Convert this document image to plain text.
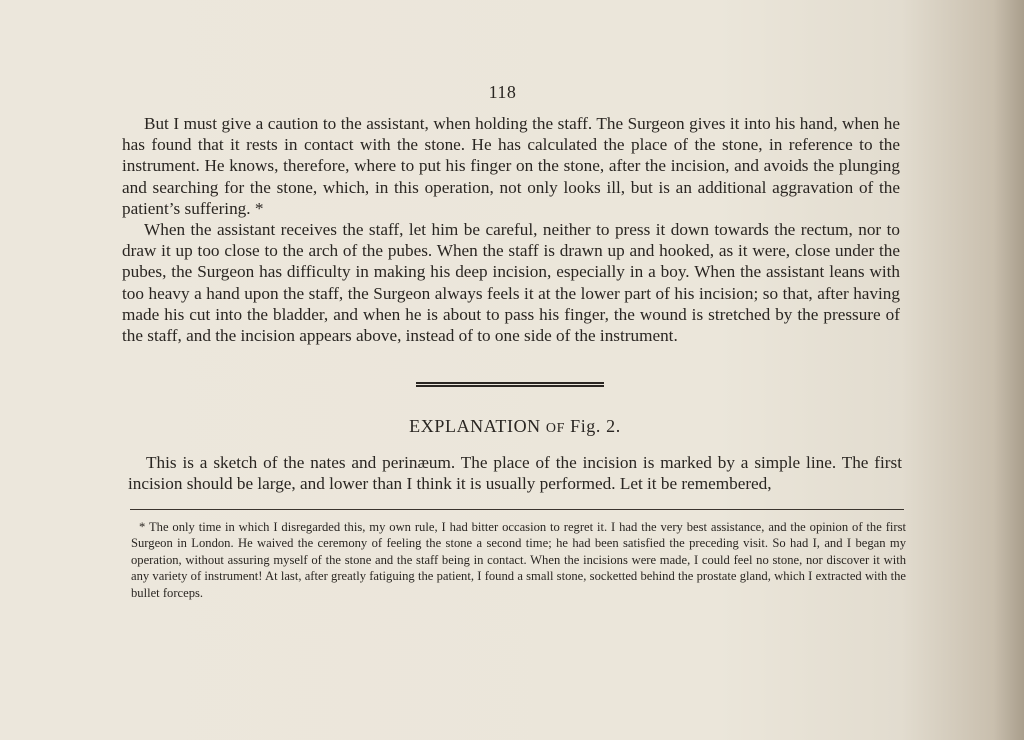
118

But I must give a caution to the assistant, when holding the staff. The Surgeon gives it into his hand, when he has found that it rests in contact with the stone. He has calculated the place of the stone, in reference to the instrument. He knows, therefore, where to put his finger on the stone, after the incision, and avoids the plunging and searching for the stone, which, in this operation, not only looks ill, but is an additional aggravation of the patient’s suffering. *

When the assistant receives the staff, let him be careful, neither to press it down towards the rectum, nor to draw it up too close to the arch of the pubes. When the staff is drawn up and hooked, as it were, close under the pubes, the Surgeon has difficulty in making his deep incision, especially in a boy. When the assistant leans with too heavy a hand upon the staff, the Surgeon always feels it at the lower part of his incision; so that, after having made his cut into the bladder, and when he is about to pass his finger, the wound is stretched by the pressure of the staff, and the incision appears above, instead of to one side of the instrument.

EXPLANATION OF Fig. 2.

This is a sketch of the nates and perinæum. The place of the incision is marked by a simple line. The first incision should be large, and lower than I think it is usually performed. Let it be remembered,

* The only time in which I disregarded this, my own rule, I had bitter occasion to regret it. I had the very best assistance, and the opinion of the first Surgeon in London. He waived the ceremony of feeling the stone a second time; he had been satisfied the preceding visit. So had I, and I began my operation, without assuring myself of the stone and the staff being in contact. When the incisions were made, I could feel no stone, nor discover it with any variety of instrument! At last, after greatly fatiguing the patient, I found a small stone, socketted behind the prostate gland, which I extracted with the bullet forceps.
